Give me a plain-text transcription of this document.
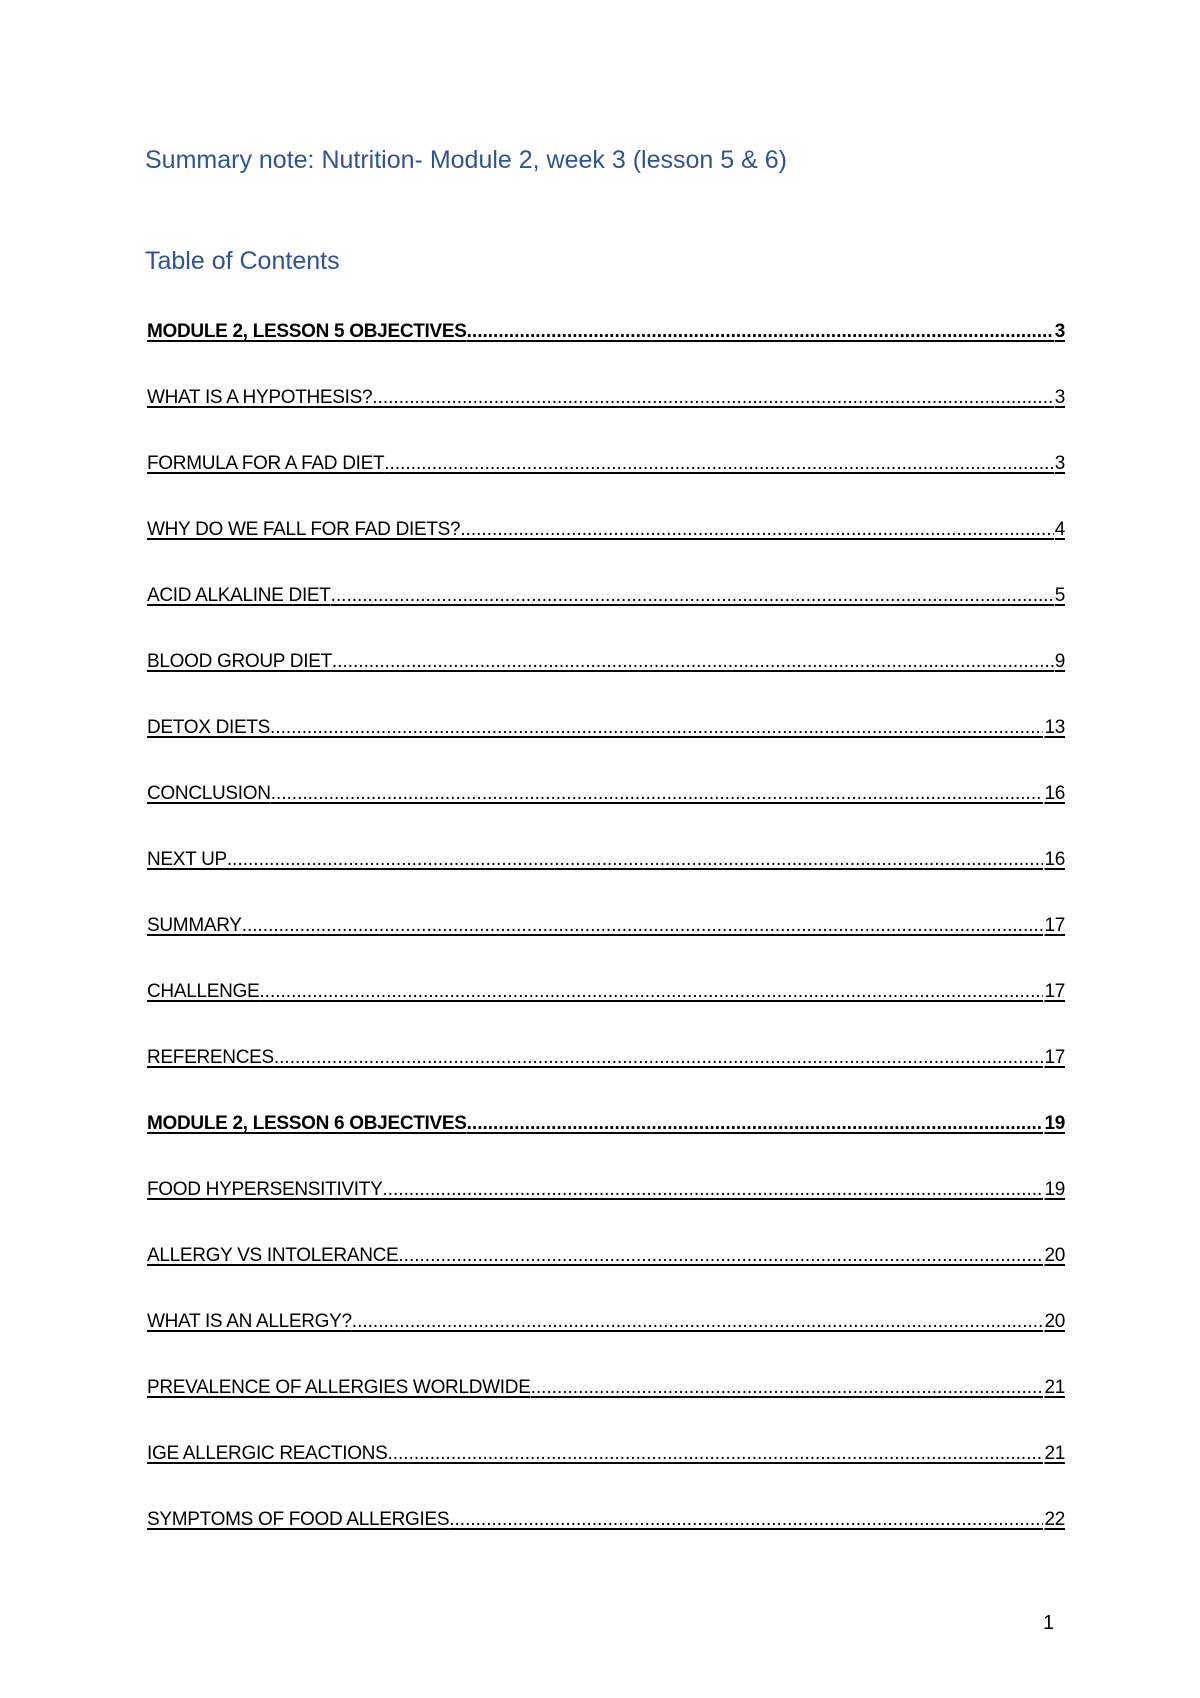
Summary note: Nutrition- Module 2, week 3 (lesson 5 & 6)
Table of Contents
MODULE 2, LESSON 5 OBJECTIVES .....	3
WHAT IS A HYPOTHESIS? .....	3
FORMULA FOR A FAD DIET .....	3
WHY DO WE FALL FOR FAD DIETS? .....	4
ACID ALKALINE DIET .....	5
BLOOD GROUP DIET .....	9
DETOX DIETS .....	13
CONCLUSION .....	16
NEXT UP .....	16
SUMMARY .....	17
CHALLENGE .....	17
REFERENCES .....	17
MODULE 2, LESSON 6 OBJECTIVES .....	19
FOOD HYPERSENSITIVITY .....	19
ALLERGY VS INTOLERANCE .....	20
WHAT IS AN ALLERGY? .....	20
PREVALENCE OF ALLERGIES WORLDWIDE .....	21
IGE ALLERGIC REACTIONS .....	21
SYMPTOMS OF FOOD ALLERGIES .....	22
1
